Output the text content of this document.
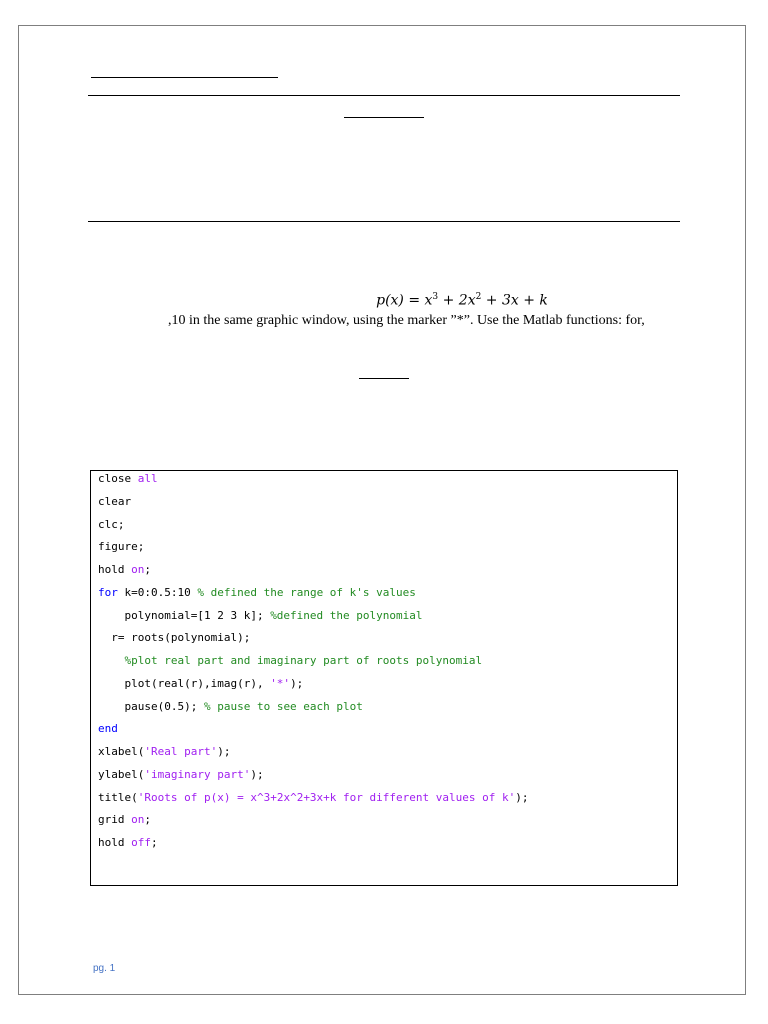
$p(x) = x^3 + 2x^2 + 3x + k$
,10 in the same graphic window, using the marker ”*”. Use the Matlab functions: for,
close all
clear
clc;
figure;
hold on;
for k=0:0.5:10 % defined the range of k's values
polynomial=[1 2 3 k]; %defined the polynomial
r= roots(polynomial);
%plot real part and imaginary part of roots polynomial
plot(real(r),imag(r), '*');
pause(0.5); % pause to see each plot
end
xlabel('Real part');
ylabel('imaginary part');
title('Roots of p(x) = x^3+2x^2+3x+k for different values of k');
grid on;
hold off;
pg. 1
